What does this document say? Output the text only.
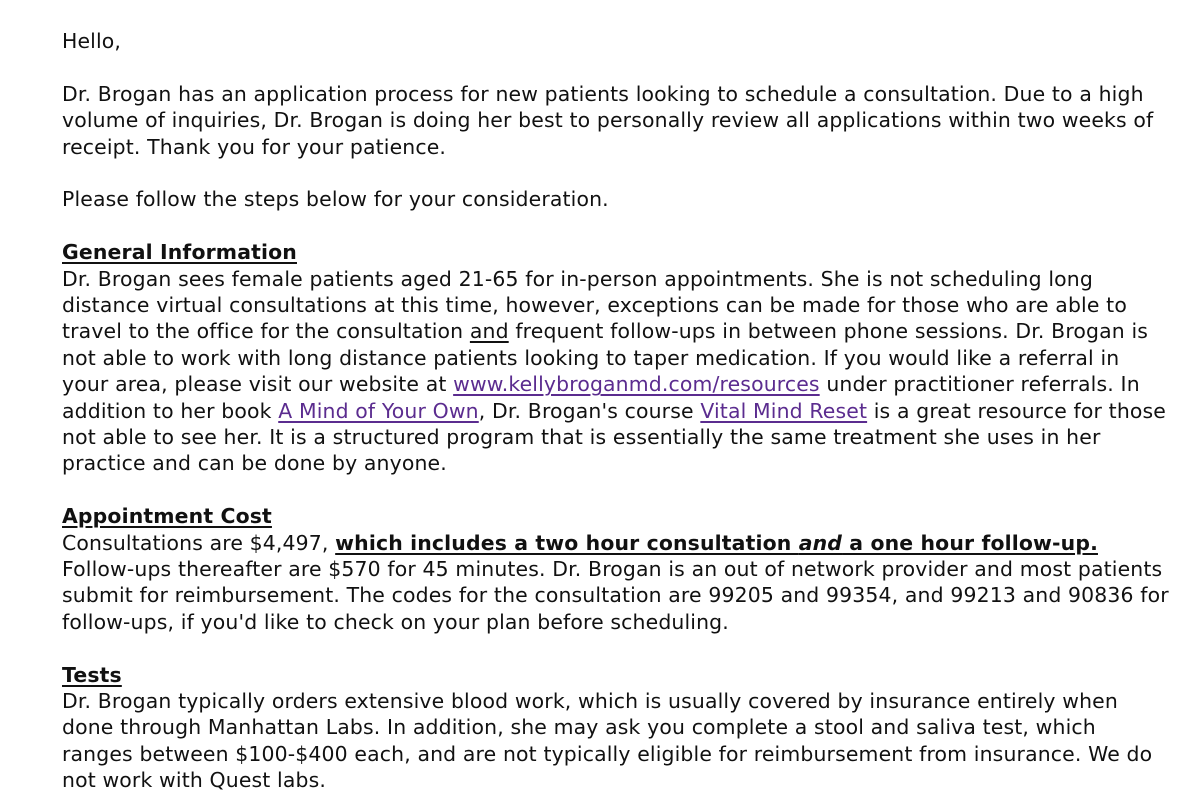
Hello,

Dr. Brogan has an application process for new patients looking to schedule a consultation. Due to a high volume of inquiries, Dr. Brogan is doing her best to personally review all applications within two weeks of receipt. Thank you for your patience.

Please follow the steps below for your consideration.

General Information

Dr. Brogan sees female patients aged 21-65 for in-person appointments. She is not scheduling long distance virtual consultations at this time, however, exceptions can be made for those who are able to travel to the office for the consultation and frequent follow-ups in between phone sessions. Dr. Brogan is not able to work with long distance patients looking to taper medication. If you would like a referral in your area, please visit our website at www.kellybroganmd.com/resources under practitioner referrals. In addition to her book A Mind of Your Own, Dr. Brogan's course Vital Mind Reset is a great resource for those not able to see her. It is a structured program that is essentially the same treatment she uses in her practice and can be done by anyone.

Appointment Cost

Consultations are $4,497, which includes a two hour consultation and a one hour follow-up. Follow-ups thereafter are $570 for 45 minutes. Dr. Brogan is an out of network provider and most patients submit for reimbursement. The codes for the consultation are 99205 and 99354, and 99213 and 90836 for follow-ups, if you'd like to check on your plan before scheduling.

Tests

Dr. Brogan typically orders extensive blood work, which is usually covered by insurance entirely when done through Manhattan Labs. In addition, she may ask you complete a stool and saliva test, which ranges between $100-$400 each, and are not typically eligible for reimbursement from insurance. We do not work with Quest labs.
